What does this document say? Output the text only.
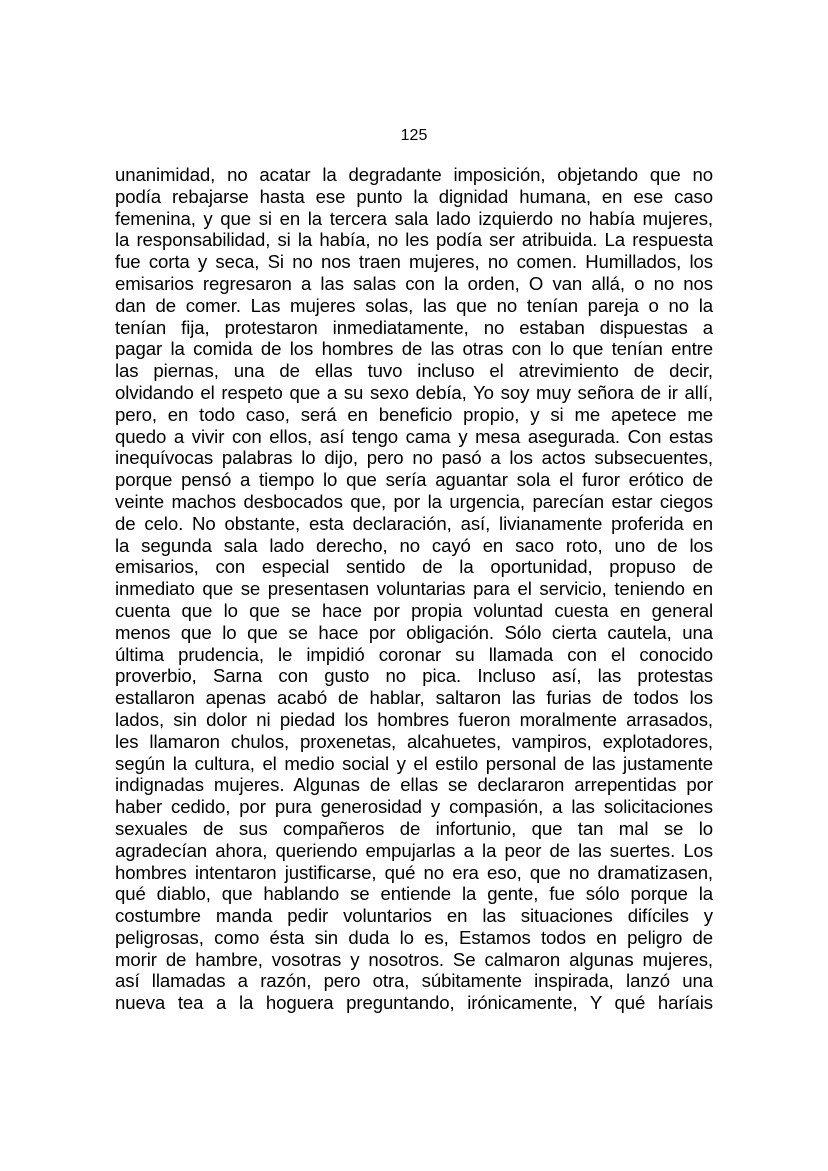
125
unanimidad, no acatar la degradante imposición, objetando que no
podía rebajarse hasta ese punto la dignidad humana, en ese caso
femenina, y que si en la tercera sala lado izquierdo no había mujeres,
la responsabilidad, si la había, no les podía ser atribuida. La respuesta
fue corta y seca, Si no nos traen mujeres, no comen. Humillados, los
emisarios regresaron a las salas con la orden, O van allá, o no nos
dan de comer. Las mujeres solas, las que no tenían pareja o no la
tenían fija, protestaron inmediatamente, no estaban dispuestas a
pagar la comida de los hombres de las otras con lo que tenían entre
las piernas, una de ellas tuvo incluso el atrevimiento de decir,
olvidando el respeto que a su sexo debía, Yo soy muy señora de ir allí,
pero, en todo caso, será en beneficio propio, y si me apetece me
quedo a vivir con ellos, así tengo cama y mesa asegurada. Con estas
inequívocas palabras lo dijo, pero no pasó a los actos subsecuentes,
porque pensó a tiempo lo que sería aguantar sola el furor erótico de
veinte machos desbocados que, por la urgencia, parecían estar ciegos
de celo. No obstante, esta declaración, así, livianamente proferida en
la segunda sala lado derecho, no cayó en saco roto, uno de los
emisarios, con especial sentido de la oportunidad, propuso de
inmediato que se presentasen voluntarias para el servicio, teniendo en
cuenta que lo que se hace por propia voluntad cuesta en general
menos que lo que se hace por obligación. Sólo cierta cautela, una
última prudencia, le impidió coronar su llamada con el conocido
proverbio, Sarna con gusto no pica. Incluso así, las protestas
estallaron apenas acabó de hablar, saltaron las furias de todos los
lados, sin dolor ni piedad los hombres fueron moralmente arrasados,
les llamaron chulos, proxenetas, alcahuetes, vampiros, explotadores,
según la cultura, el medio social y el estilo personal de las justamente
indignadas mujeres. Algunas de ellas se declararon arrepentidas por
haber cedido, por pura generosidad y compasión, a las solicitaciones
sexuales de sus compañeros de infortunio, que tan mal se lo
agradecían ahora, queriendo empujarlas a la peor de las suertes. Los
hombres intentaron justificarse, qué no era eso, que no dramatizasen,
qué diablo, que hablando se entiende la gente, fue sólo porque la
costumbre manda pedir voluntarios en las situaciones difíciles y
peligrosas, como ésta sin duda lo es, Estamos todos en peligro de
morir de hambre, vosotras y nosotros. Se calmaron algunas mujeres,
así llamadas a razón, pero otra, súbitamente inspirada, lanzó una
nueva tea a la hoguera preguntando, irónicamente, Y qué haríais
